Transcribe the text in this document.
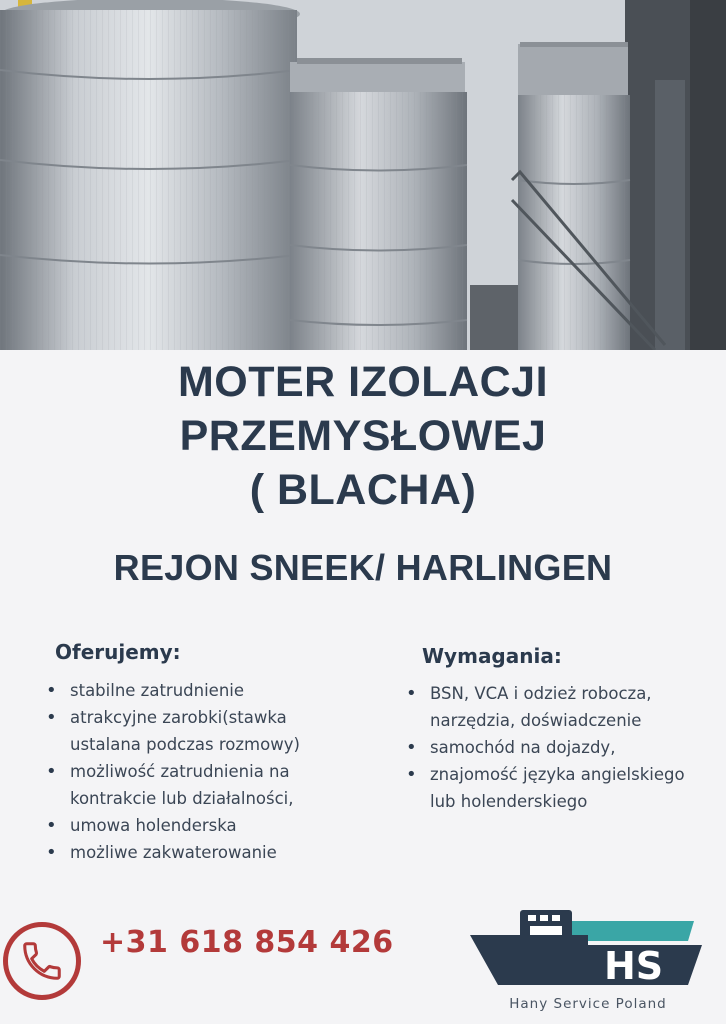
MOTER IZOLACJI
PRZEMYSŁOWEJ
( BLACHA)
REJON SNEEK/ HARLINGEN
Oferujemy:
• stabilne zatrudnienie
• atrakcyjne zarobki(stawka ustalana podczas rozmowy)
• możliwość zatrudnienia na kontrakcie lub działalności,
• umowa holenderska
• możliwe zakwaterowanie
Wymagania:
• BSN, VCA i odzież robocza, narzędzia, doświadczenie
• samochód na dojazdy,
• znajomość języka angielskiego lub holenderskiego
+31 618 854 426
HS
Hany Service Poland
